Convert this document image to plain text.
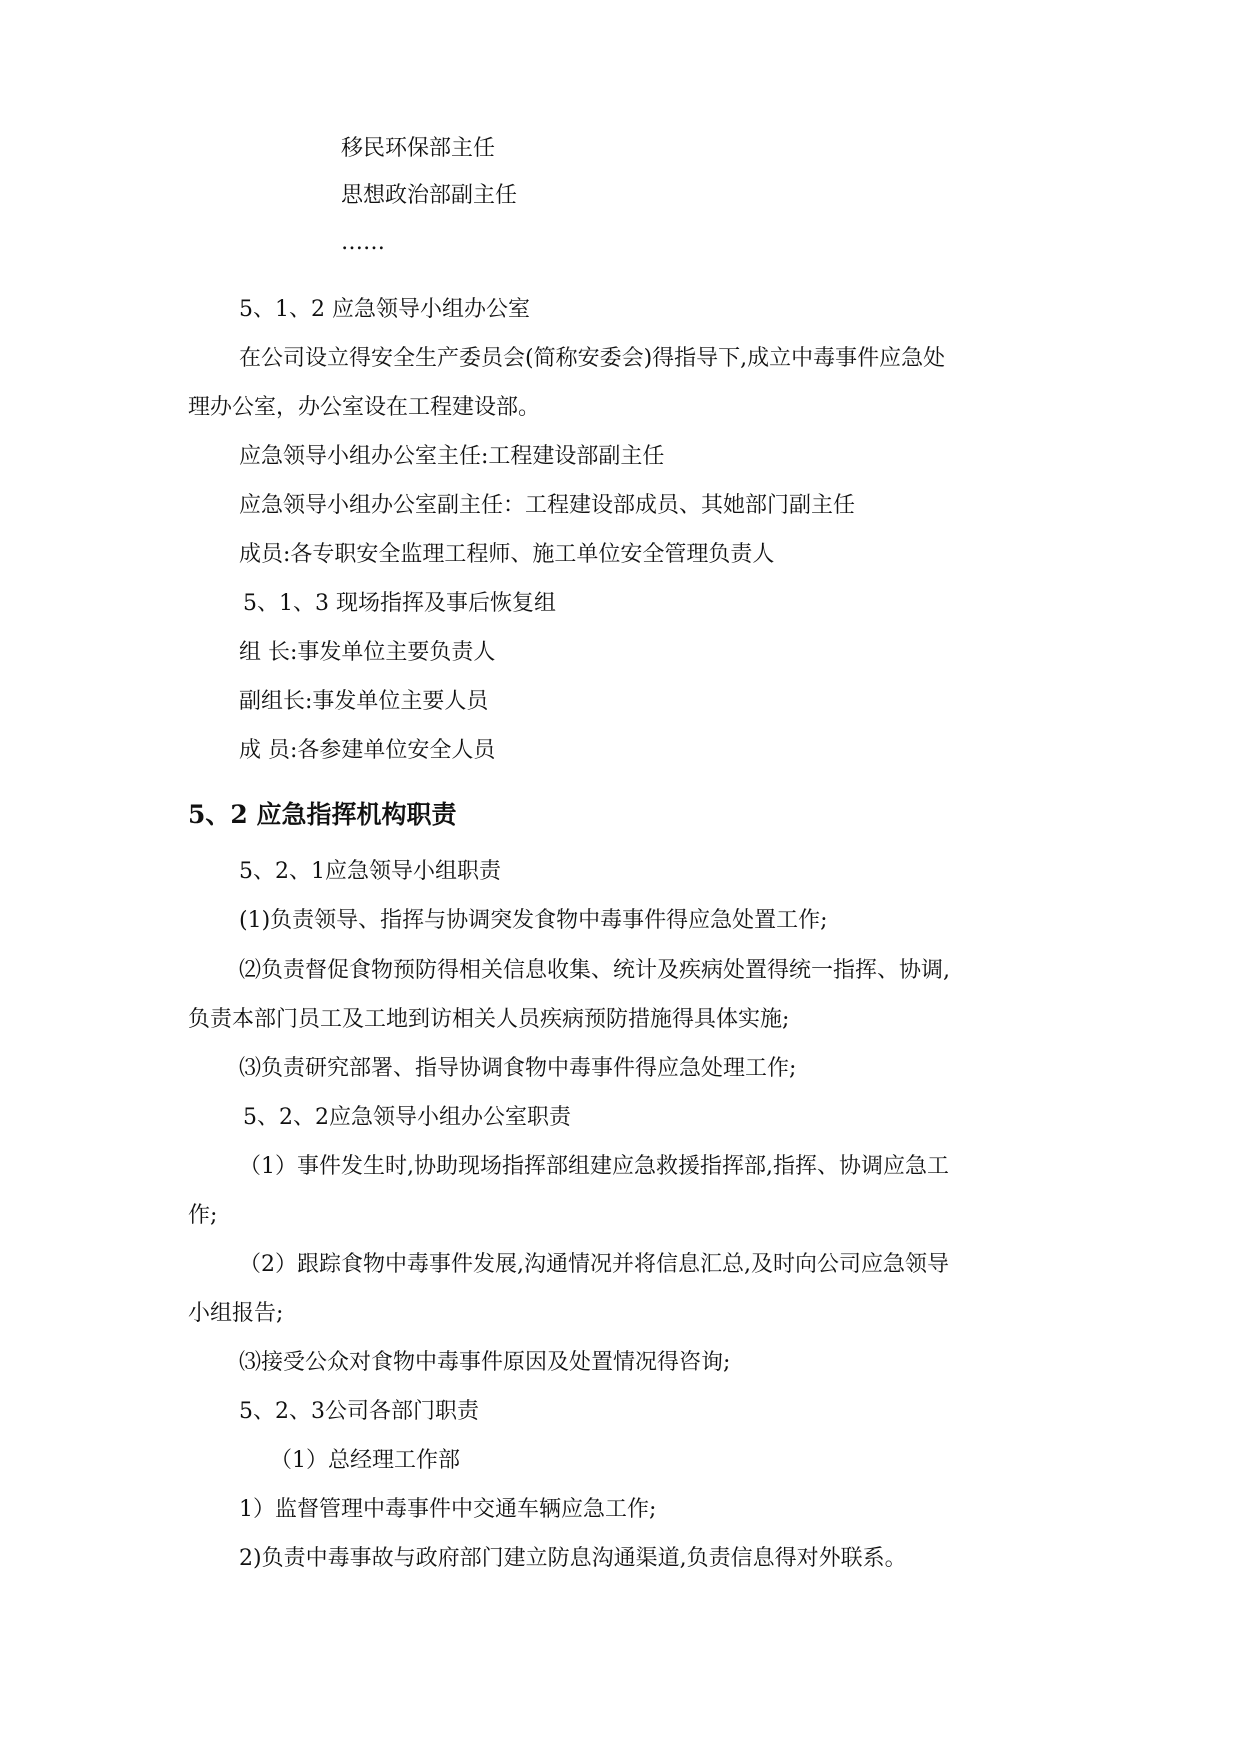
移民环保部主任
思想政治部副主任
……
5、1、2 应急领导小组办公室
在公司设立得安全生产委员会(简称安委会)得指导下,成立中毒事件应急处
理办公室，办公室设在工程建设部。
应急领导小组办公室主任:工程建设部副主任
应急领导小组办公室副主任：工程建设部成员、其她部门副主任
成员:各专职安全监理工程师、施工单位安全管理负责人
5、1、3 现场指挥及事后恢复组
组 长:事发单位主要负责人
副组长:事发单位主要人员
成 员:各参建单位安全人员
5、2 应急指挥机构职责
5、2、1应急领导小组职责
(1)负责领导、指挥与协调突发食物中毒事件得应急处置工作;
⑵负责督促食物预防得相关信息收集、统计及疾病处置得统一指挥、协调,
负责本部门员工及工地到访相关人员疾病预防措施得具体实施;
⑶负责研究部署、指导协调食物中毒事件得应急处理工作;
5、2、2应急领导小组办公室职责
（1）事件发生时,协助现场指挥部组建应急救援指挥部,指挥、协调应急工
作;
（2）跟踪食物中毒事件发展,沟通情况并将信息汇总,及时向公司应急领导
小组报告;
⑶接受公众对食物中毒事件原因及处置情况得咨询;
5、2、3公司各部门职责
（1）总经理工作部
1）监督管理中毒事件中交通车辆应急工作;
2)负责中毒事故与政府部门建立防息沟通渠道,负责信息得对外联系。
